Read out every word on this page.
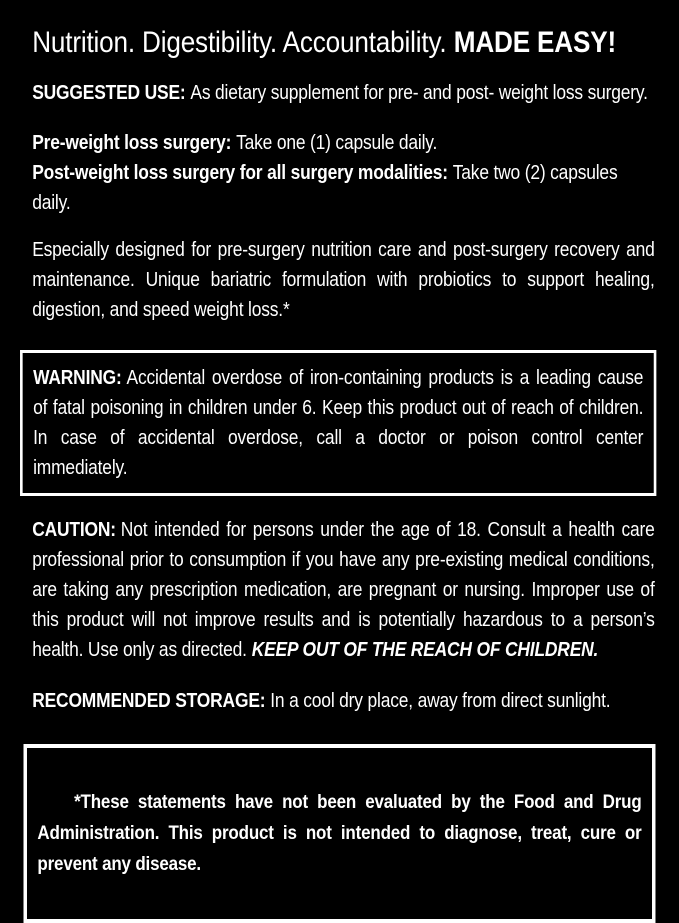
Nutrition. Digestibility. Accountability. MADE EASY!
SUGGESTED USE: As dietary supplement for pre- and post- weight loss surgery.
Pre-weight loss surgery: Take one (1) capsule daily.
Post-weight loss surgery for all surgery modalities: Take two (2) capsules daily.
Especially designed for pre-surgery nutrition care and post-surgery recovery and maintenance. Unique bariatric formulation with probiotics to support healing, digestion, and speed weight loss.*
WARNING: Accidental overdose of iron-containing products is a leading cause of fatal poisoning in children under 6. Keep this product out of reach of children. In case of accidental overdose, call a doctor or poison control center immediately.
CAUTION: Not intended for persons under the age of 18. Consult a health care professional prior to consumption if you have any pre-existing medical conditions, are taking any prescription medication, are pregnant or nursing. Improper use of this product will not improve results and is potentially hazardous to a person’s health. Use only as directed. KEEP OUT OF THE REACH OF CHILDREN.
RECOMMENDED STORAGE: In a cool dry place, away from direct sunlight.

*These statements have not been evaluated by the Food and Drug  Administration. This product is not intended to diagnose, treat, cure or prevent any disease.
